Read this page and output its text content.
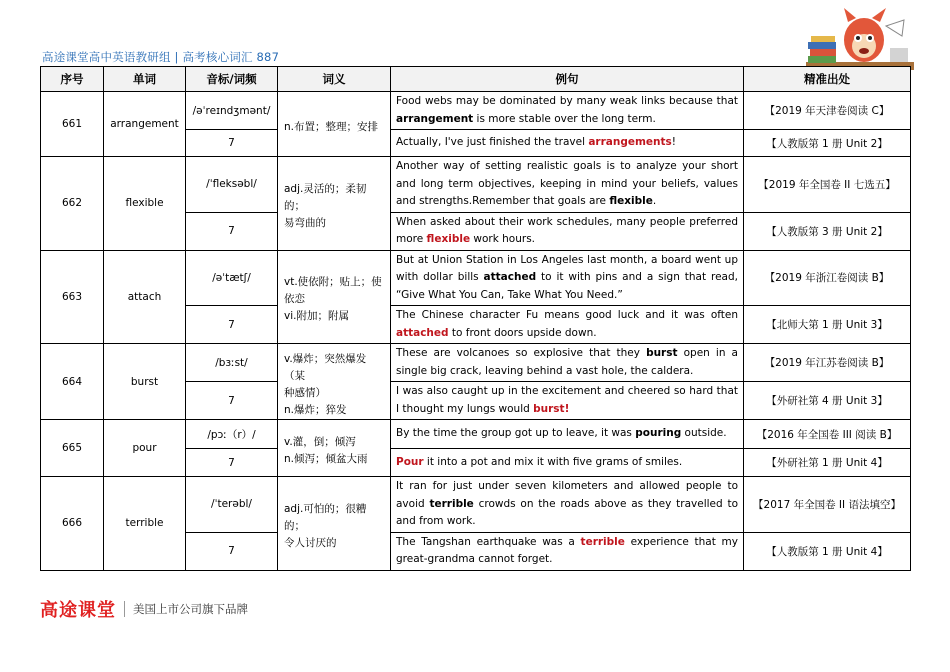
高途课堂高中英语教研组 | 高考核心词汇 887
序号	单词	音标/词频	词义	例句	精准出处
661	arrangement	/əˈreɪndʒmənt/	n.布置；整理；安排	Food webs may be dominated by many weak links because that arrangement is more stable over the long term.	【2019 年天津卷阅读 C】
		7		Actually, I've just finished the travel arrangements!	【人教版第 1 册 Unit 2】
662	flexible	/ˈfleksəbl/	adj.灵活的；柔韧的；
易弯曲的	Another way of setting realistic goals is to analyze your short and long term objectives, keeping in mind your beliefs, values and strengths.Remember that goals are flexible.	【2019 年全国卷 II 七选五】
		7		When asked about their work schedules, many people preferred more flexible work hours.	【人教版第 3 册 Unit 2】
663	attach	/əˈtætʃ/	vt.使依附；贴上；使
依恋
vi.附加；附属	But at Union Station in Los Angeles last month, a board went up with dollar bills attached to it with pins and a sign that read, “Give What You Can, Take What You Need.”	【2019 年浙江卷阅读 B】
		7		The Chinese character Fu means good luck and it was often attached to front doors upside down.	【北师大第 1 册 Unit 3】
664	burst	/bɜːst/	v.爆炸；突然爆发（某
种感情）
n.爆炸；猝发	These are volcanoes so explosive that they burst open in a single big crack, leaving behind a vast hole, the caldera.	【2019 年江苏卷阅读 B】
		7		I was also caught up in the excitement and cheered so hard that I thought my lungs would burst!	【外研社第 4 册 Unit 3】
665	pour	/pɔː（r）/	v.灌，倒；倾泻
n.倾泻；倾盆大雨	By the time the group got up to leave, it was pouring outside.	【2016 年全国卷 III 阅读 B】
		7		Pour it into a pot and mix it with five grams of smiles.	【外研社第 1 册 Unit 4】
666	terrible	/ˈterəbl/	adj.可怕的；很糟的；
令人讨厌的	It ran for just under seven kilometers and allowed people to avoid terrible crowds on the roads above as they travelled to and from work.	【2017 年全国卷 II 语法填空】
		7		The Tangshan earthquake was a terrible experience that my great-grandma cannot forget.	【人教版第 1 册 Unit 4】
高途课堂 美国上市公司旗下品牌
